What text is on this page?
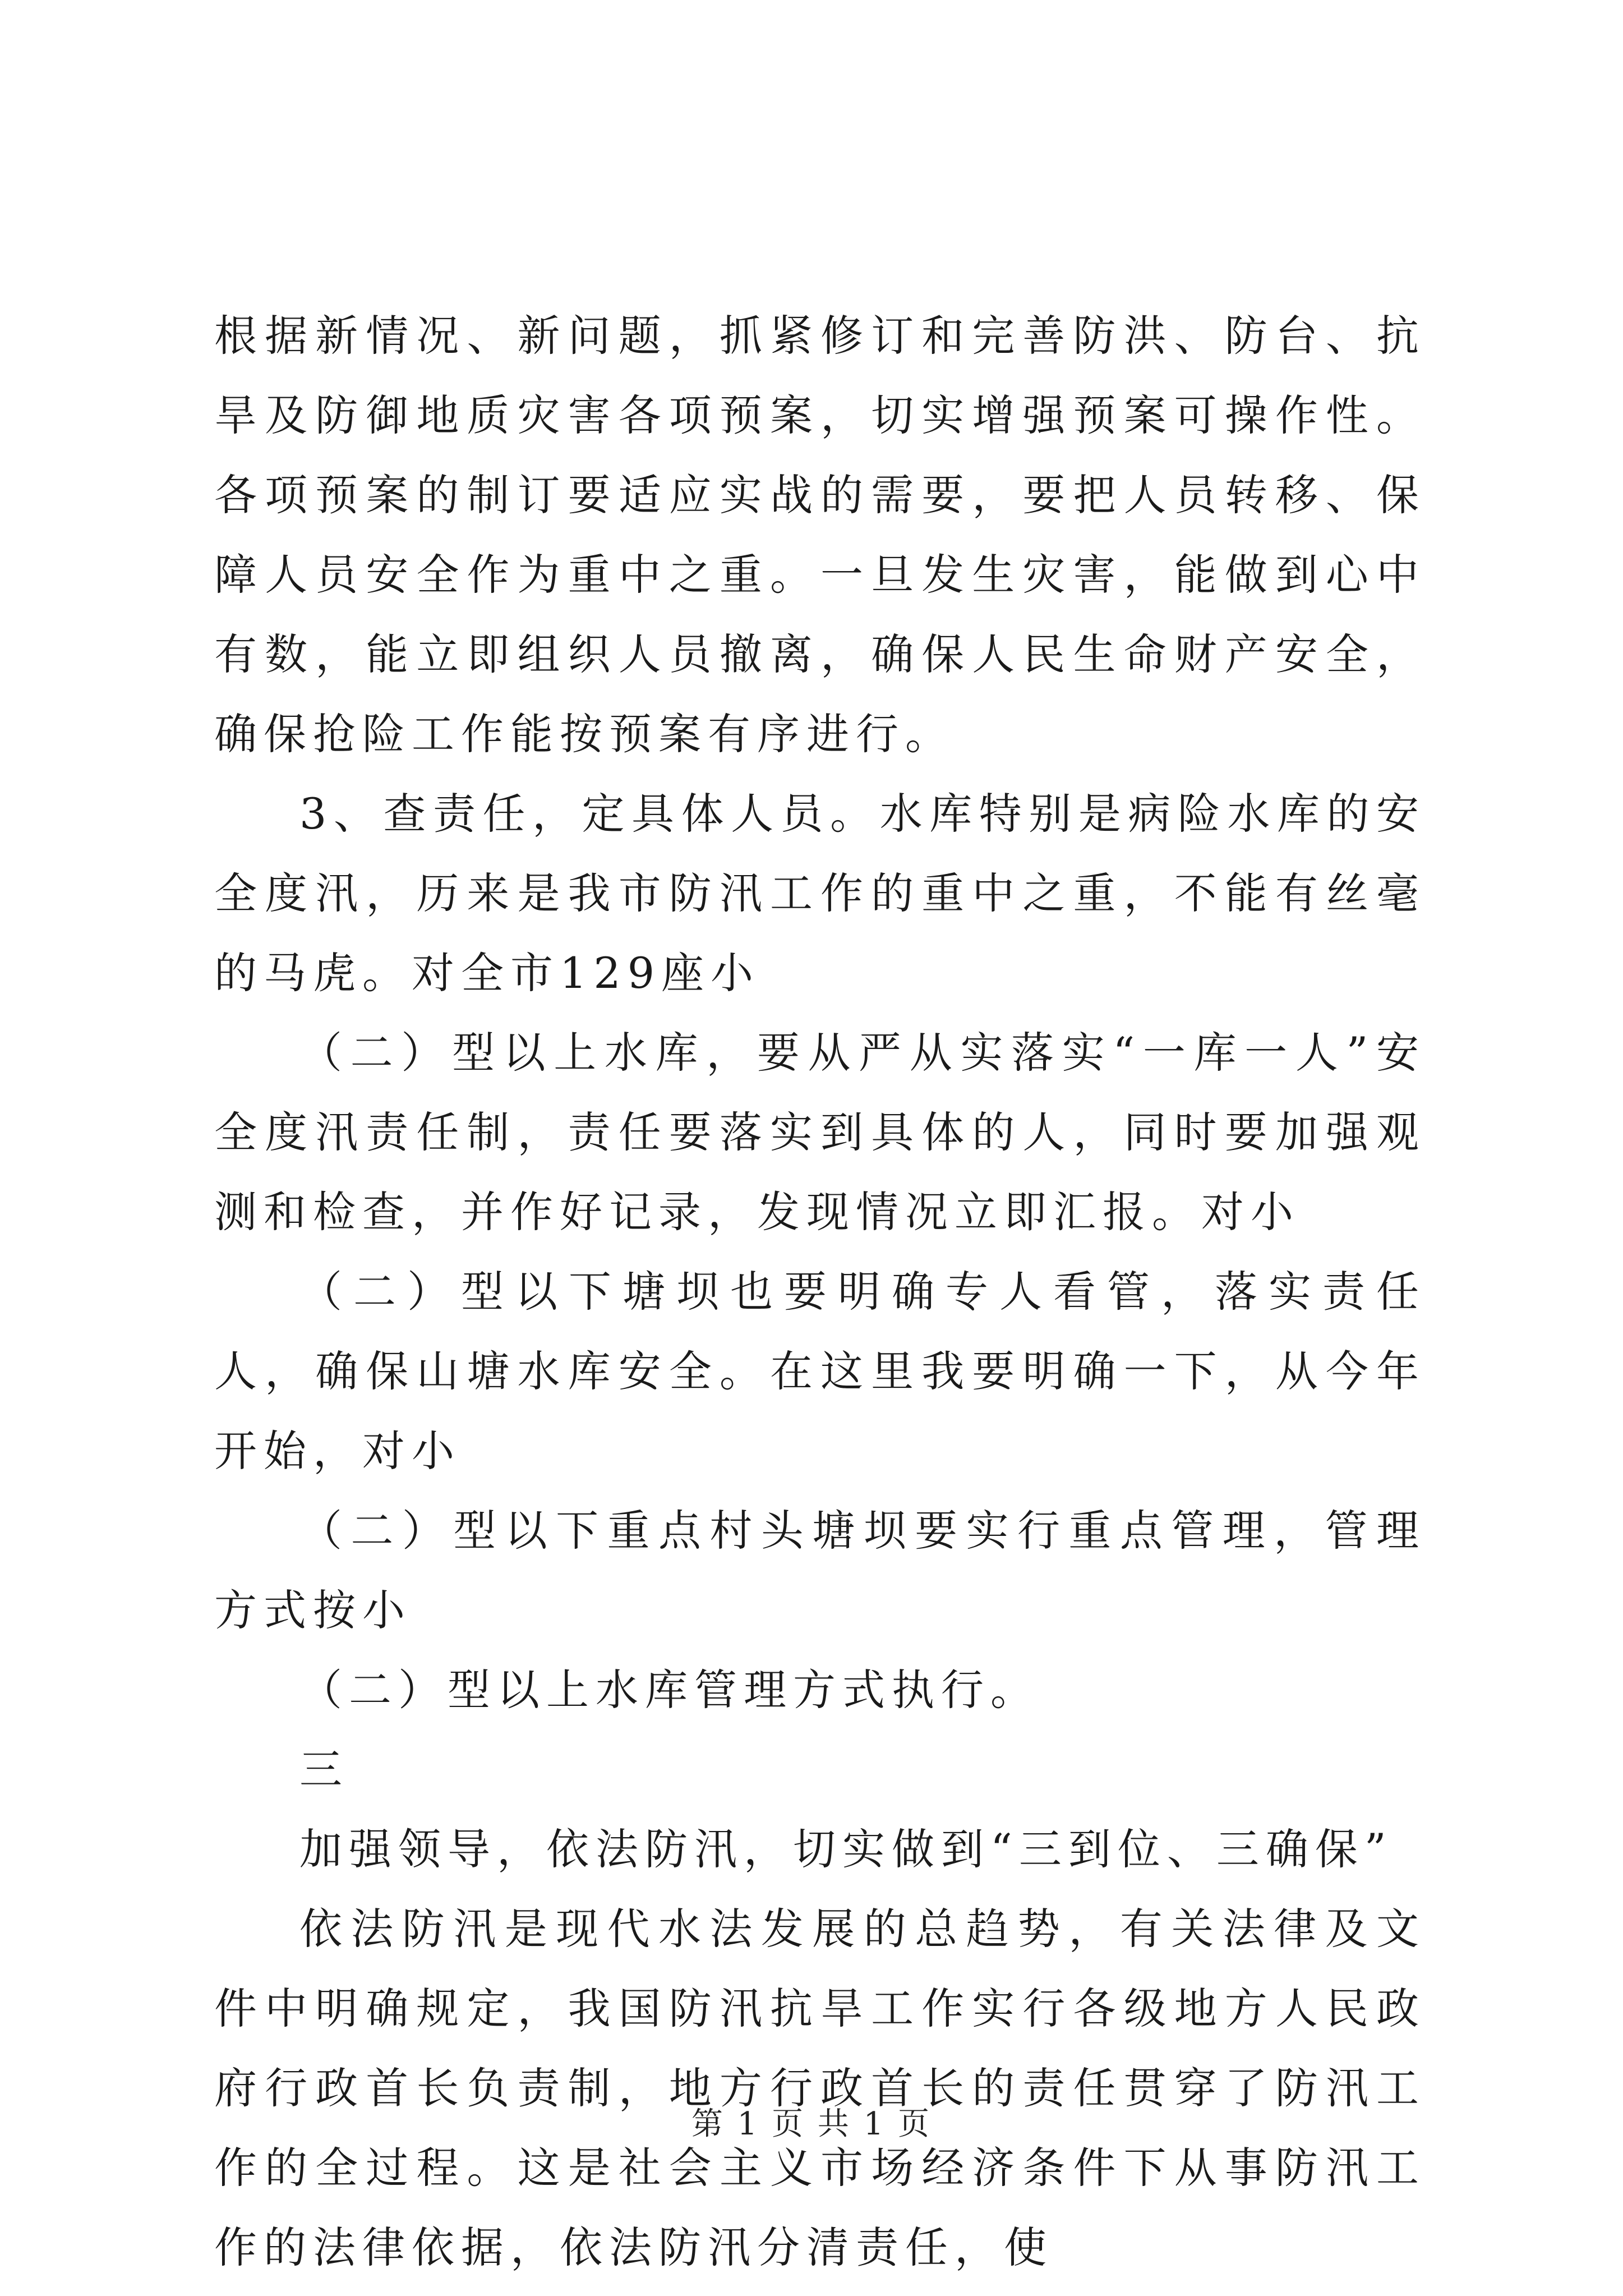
根据新情况、新问题，抓紧修订和完善防洪、防台、抗旱及防御地质灾害各项预案，切实增强预案可操作性。各项预案的制订要适应实战的需要，要把人员转移、保障人员安全作为重中之重。一旦发生灾害，能做到心中有数，能立即组织人员撤离，确保人民生命财产安全，确保抢险工作能按预案有序进行。

3、查责任，定具体人员。水库特别是病险水库的安全度汛，历来是我市防汛工作的重中之重，不能有丝毫的马虎。对全市129座小

（二）型以上水库，要从严从实落实“一库一人”安全度汛责任制，责任要落实到具体的人，同时要加强观测和检查，并作好记录，发现情况立即汇报。对小

（二）型以下塘坝也要明确专人看管，落实责任人，确保山塘水库安全。在这里我要明确一下，从今年开始，对小

（二）型以下重点村头塘坝要实行重点管理，管理方式按小

（二）型以上水库管理方式执行。

三

加强领导，依法防汛，切实做到“三到位、三确保”

依法防汛是现代水法发展的总趋势，有关法律及文件中明确规定，我国防汛抗旱工作实行各级地方人民政府行政首长负责制，地方行政首长的责任贯穿了防汛工作的全过程。这是社会主义市场经济条件下从事防汛工作的法律依据，依法防汛分清责任，使

第 1 页 共 1 页
